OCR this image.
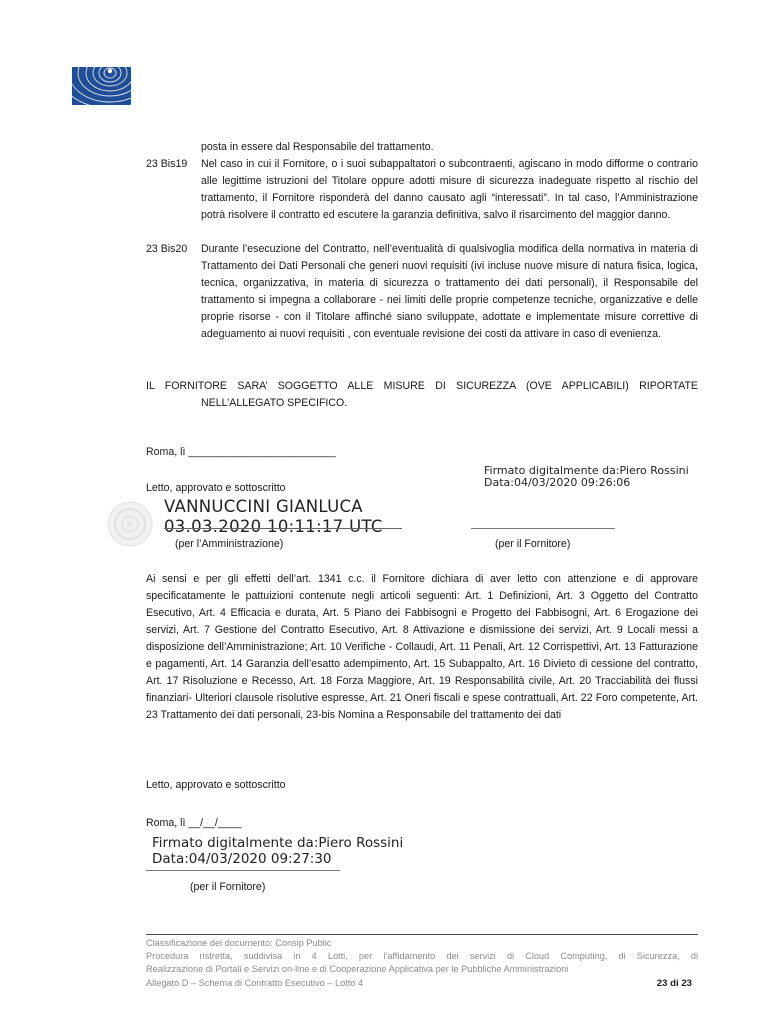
posta in essere dal Responsabile del trattamento.
23 Bis19 Nel caso in cui il Fornitore, o i suoi subappaltatori o subcontraenti, agiscano in modo difforme o contrario alle legittime istruzioni del Titolare oppure adotti misure di sicurezza inadeguate rispetto al rischio del trattamento, il Fornitore risponderà del danno causato agli “interessati”. In tal caso, l’Amministrazione potrà risolvere il contratto ed escutere la garanzia definitiva, salvo il risarcimento del maggior danno.
23 Bis20 Durante l’esecuzione del Contratto, nell’eventualità di qualsivoglia modifica della normativa in materia di Trattamento dei Dati Personali che generi nuovi requisiti (ivi incluse nuove misure di natura fisica, logica, tecnica, organizzativa, in materia di sicurezza o trattamento dei dati personali), il Responsabile del trattamento si impegna a collaborare - nei limiti delle proprie competenze tecniche, organizzative e delle proprie risorse - con il Titolare affinché siano sviluppate, adottate e implementate misure correttive di adeguamento ai nuovi requisiti , con eventuale revisione dei costi da attivare in caso di evenienza.
IL FORNITORE SARA’ SOGGETTO ALLE MISURE DI SICUREZZA (OVE APPLICABILI) RIPORTATE
NELL’ALLEGATO SPECIFICO.
Roma, lì _________________________
Firmato digitalmente da:Piero Rossini
Data:04/03/2020 09:26:06
Letto, approvato e sottoscritto
VANNUCCINI GIANLUCA
03.03.2020 10:11:17 UTC
(per l’Amministrazione)	(per il Fornitore)
Ai sensi e per gli effetti dell’art. 1341 c.c. il Fornitore dichiara di aver letto con attenzione e di approvare specificatamente le pattuizioni contenute negli articoli seguenti: Art. 1 Definizioni, Art. 3 Oggetto del Contratto Esecutivo, Art. 4 Efficacia e durata, Art. 5 Piano dei Fabbisogni e Progetto dei Fabbisogni, Art. 6 Erogazione dei servizi, Art. 7 Gestione del Contratto Esecutivo, Art. 8 Attivazione e dismissione dei servizi, Art. 9 Locali messi a disposizione dell’Amministrazione; Art. 10 Verifiche - Collaudi, Art. 11 Penali, Art. 12 Corrispettivi, Art. 13 Fatturazione e pagamenti, Art. 14 Garanzia dell’esatto adempimento, Art. 15 Subappalto, Art. 16 Divieto di cessione del contratto, Art. 17 Risoluzione e Recesso, Art. 18 Forza Maggiore, Art. 19 Responsabilità civile, Art. 20 Tracciabilità dei flussi finanziari- Ulteriori clausole risolutive espresse, Art. 21 Oneri fiscali e spese contrattuali, Art. 22 Foro competente, Art. 23 Trattamento dei dati personali, 23-bis Nomina a Responsabile del trattamento dei dati
Letto, approvato e sottoscritto
Roma, lì __/__/____
Firmato digitalmente da:Piero Rossini
Data:04/03/2020 09:27:30
(per il Fornitore)
Classificazione del documento: Consip Public
Procedura ristretta, suddivisa in 4 Lotti, per l’affidamento dei servizi di Cloud Computing, di Sicurezza, di
Realizzazione di Portali e Servizi on-line e di Cooperazione Applicativa per le Pubbliche Amministrazioni
Allegato D – Schema di Contratto Esecutivo – Lotto 4	23 di 23
